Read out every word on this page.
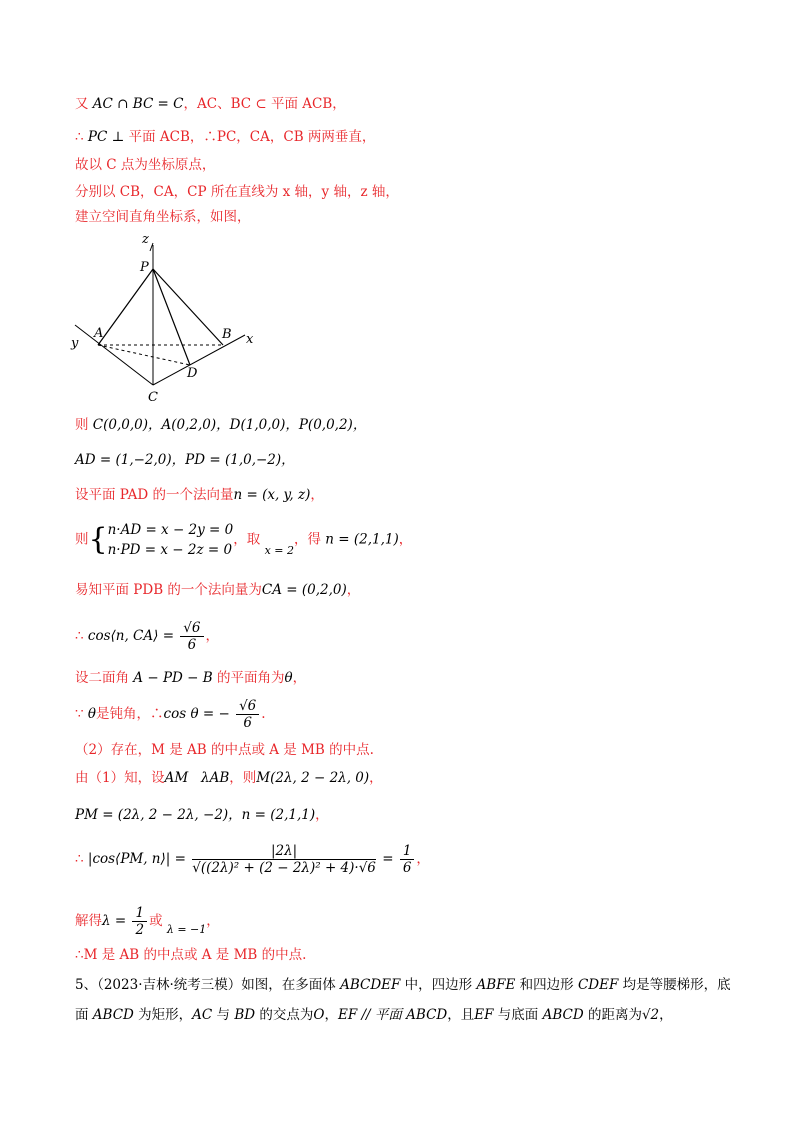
又 AC ∩ BC = C，AC、BC ⊂ 平面 ACB，
∴ PC ⊥ 平面 ACB，∴PC，CA，CB 两两垂直，
故以 C 点为坐标原点，
分别以 CB，CA，CP 所在直线为 x 轴，y 轴，z 轴，
建立空间直角坐标系，如图，
z
P
A	B
y	x
D
C
则 C(0,0,0)，A(0,2,0)，D(1,0,0)，P(0,0,2)，
AD = (1,−2,0)，PD = (1,0,−2)，
设平面 PAD 的一个法向量n = (x, y, z)，
则{ n·AD = x − 2y = 0
n·PD = x − 2z = 0
，取 $_{x = 2}$，得 n = (2,1,1)，
易知平面 PDB 的一个法向量为CA = (0,2,0)，
∴ cos⟨n, CA⟩ = $\frac{√6}{6}$ ，
设二面角 A − PD − B 的平面角为θ，
∵ θ是钝角，∴cos θ = − $\frac{√6}{6}$ .
（2）存在，M 是 AB 的中点或 A 是 MB 的中点.
由（1）知，设AM λAB，则M(2λ, 2 − 2λ, 0)，
PM = (2λ, 2 − 2λ, −2)，n = (2,1,1)，
∴ |cos⟨PM, n⟩| = $\frac{|2\lambda|}{\text{√((2λ)² + (2 − 2λ)² + 4)·√6}} = \frac{1}{6}$ ，
解得$\lambda = \frac{1}{2}$ 或 $_{\lambda = -1}$，
∴M 是 AB 的中点或 A 是 MB 的中点.
5、（2023·吉林·统考三模）如图，在多面体 ABCDEF 中，四边形 ABFE 和四边形 CDEF 均是等腰梯形，底
面 ABCD 为矩形，AC 与 BD 的交点为O，EF // 平面 ABCD，且EF 与底面 ABCD 的距离为√2，
